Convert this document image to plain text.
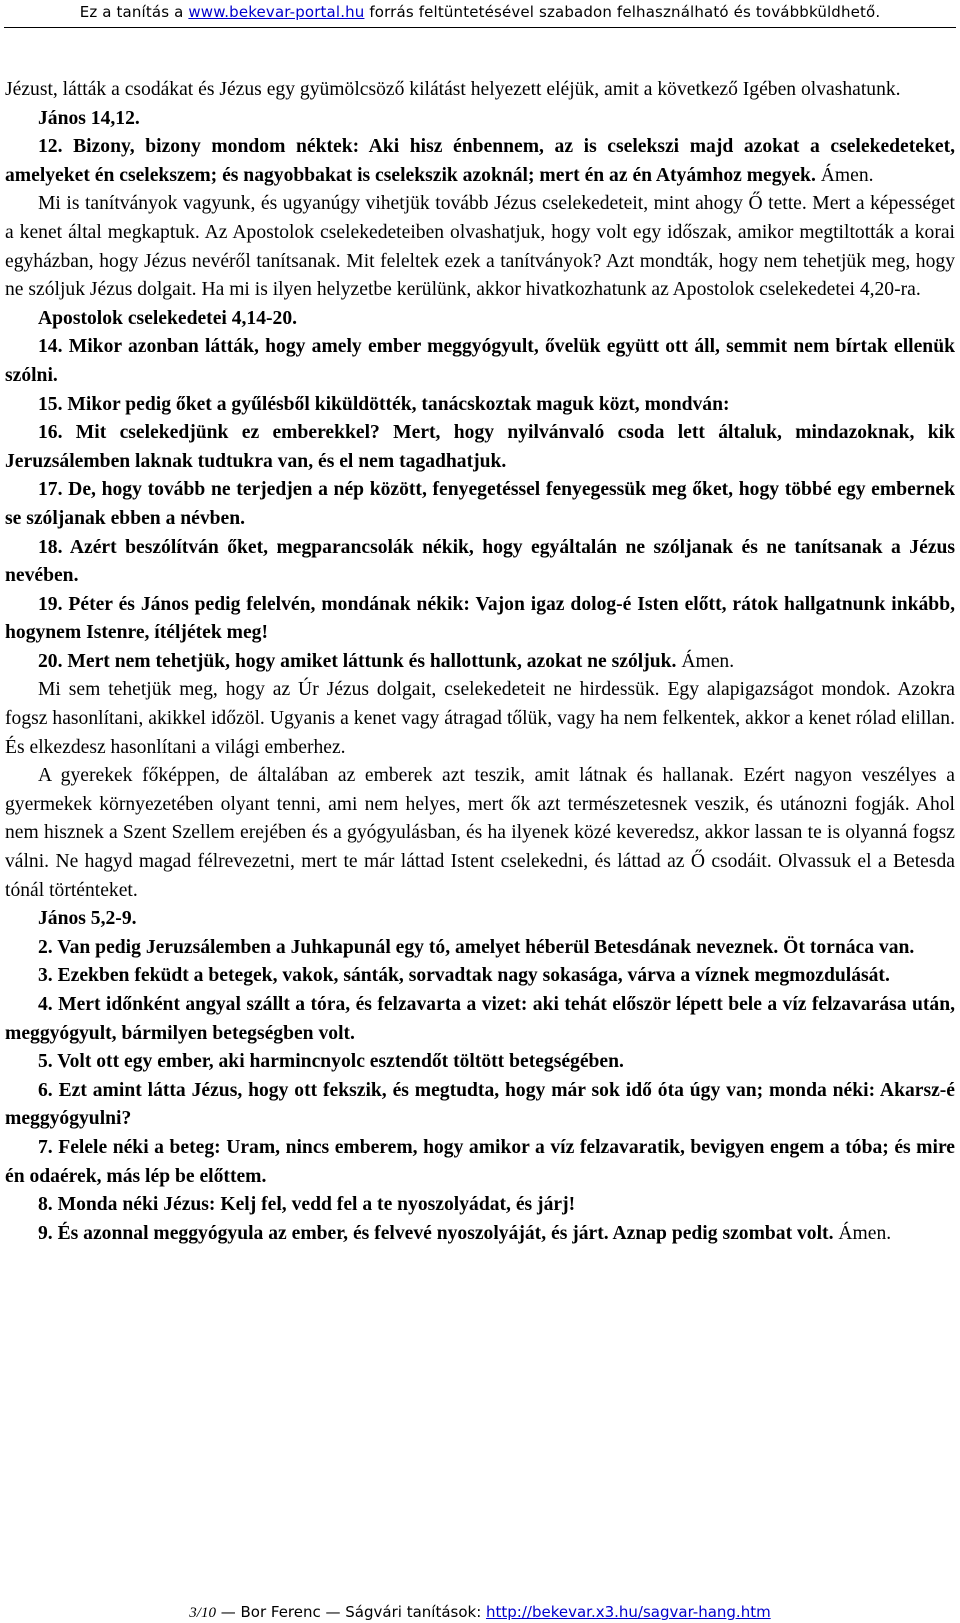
Ez a tanítás a www.bekevar-portal.hu forrás feltüntetésével szabadon felhasználható és továbbküldhető.

Jézust, látták a csodákat és Jézus egy gyümölcsöző kilátást helyezett eléjük, amit a következő Igében olvashatunk.

János 14,12.

12. Bizony, bizony mondom néktek: Aki hisz énbennem, az is cselekszi majd azokat a cselekedeteket, amelyeket én cselekszem; és nagyobbakat is cselekszik azoknál; mert én az én Atyámhoz megyek. Ámen.

Mi is tanítványok vagyunk, és ugyanúgy vihetjük tovább Jézus cselekedeteit, mint ahogy Ő tette. Mert a képességet a kenet által megkaptuk. Az Apostolok cselekedeteiben olvashatjuk, hogy volt egy időszak, amikor megtiltották a korai egyházban, hogy Jézus nevéről tanítsanak. Mit feleltek ezek a tanítványok? Azt mondták, hogy nem tehetjük meg, hogy ne szóljuk Jézus dolgait. Ha mi is ilyen helyzetbe kerülünk, akkor hivatkozhatunk az Apostolok cselekedetei 4,20-ra.

Apostolok cselekedetei 4,14-20.

14. Mikor azonban látták, hogy amely ember meggyógyult, ővelük együtt ott áll, semmit nem bírtak ellenük szólni.

15. Mikor pedig őket a gyűlésből kiküldötték, tanácskoztak maguk közt, mondván:

16. Mit cselekedjünk ez emberekkel? Mert, hogy nyilvánvaló csoda lett általuk, mindazoknak, kik Jeruzsálemben laknak tudtukra van, és el nem tagadhatjuk.

17. De, hogy tovább ne terjedjen a nép között, fenyegetéssel fenyegessük meg őket, hogy többé egy embernek se szóljanak ebben a névben.

18. Azért beszólítván őket, megparancsolák nékik, hogy egyáltalán ne szóljanak és ne tanítsanak a Jézus nevében.

19. Péter és János pedig felelvén, mondának nékik: Vajon igaz dolog-é Isten előtt, rátok hallgatnunk inkább, hogynem Istenre, ítéljétek meg!

20. Mert nem tehetjük, hogy amiket láttunk és hallottunk, azokat ne szóljuk. Ámen.

Mi sem tehetjük meg, hogy az Úr Jézus dolgait, cselekedeteit ne hirdessük. Egy alapigazságot mondok. Azokra fogsz hasonlítani, akikkel időzöl. Ugyanis a kenet vagy átragad tőlük, vagy ha nem felkentek, akkor a kenet rólad elillan. És elkezdesz hasonlítani a világi emberhez.

A gyerekek főképpen, de általában az emberek azt teszik, amit látnak és hallanak. Ezért nagyon veszélyes a gyermekek környezetében olyant tenni, ami nem helyes, mert ők azt természetesnek veszik, és utánozni fogják. Ahol nem hisznek a Szent Szellem erejében és a gyógyulásban, és ha ilyenek közé keveredsz, akkor lassan te is olyanná fogsz válni. Ne hagyd magad félrevezetni, mert te már láttad Istent cselekedni, és láttad az Ő csodáit. Olvassuk el a Betesda tónál történteket.

János 5,2-9.

2. Van pedig Jeruzsálemben a Juhkapunál egy tó, amelyet héberül Betesdának neveznek. Öt tornáca van.

3. Ezekben feküdt a betegek, vakok, sánták, sorvadtak nagy sokasága, várva a víznek megmozdulását.

4. Mert időnként angyal szállt a tóra, és felzavarta a vizet: aki tehát először lépett bele a víz felzavarása után, meggyógyult, bármilyen betegségben volt.

5. Volt ott egy ember, aki harmincnyolc esztendőt töltött betegségében.

6. Ezt amint látta Jézus, hogy ott fekszik, és megtudta, hogy már sok idő óta úgy van; monda néki: Akarsz-é meggyógyulni?

7. Felele néki a beteg: Uram, nincs emberem, hogy amikor a víz felzavaratik, bevigyen engem a tóba; és mire én odaérek, más lép be előttem.

8. Monda néki Jézus: Kelj fel, vedd fel a te nyoszolyádat, és járj!

9. És azonnal meggyógyula az ember, és felvevé nyoszolyáját, és járt. Aznap pedig szombat volt. Ámen.

3/10 — Bor Ferenc — Ságvári tanítások: http://bekevar.x3.hu/sagvar-hang.htm
